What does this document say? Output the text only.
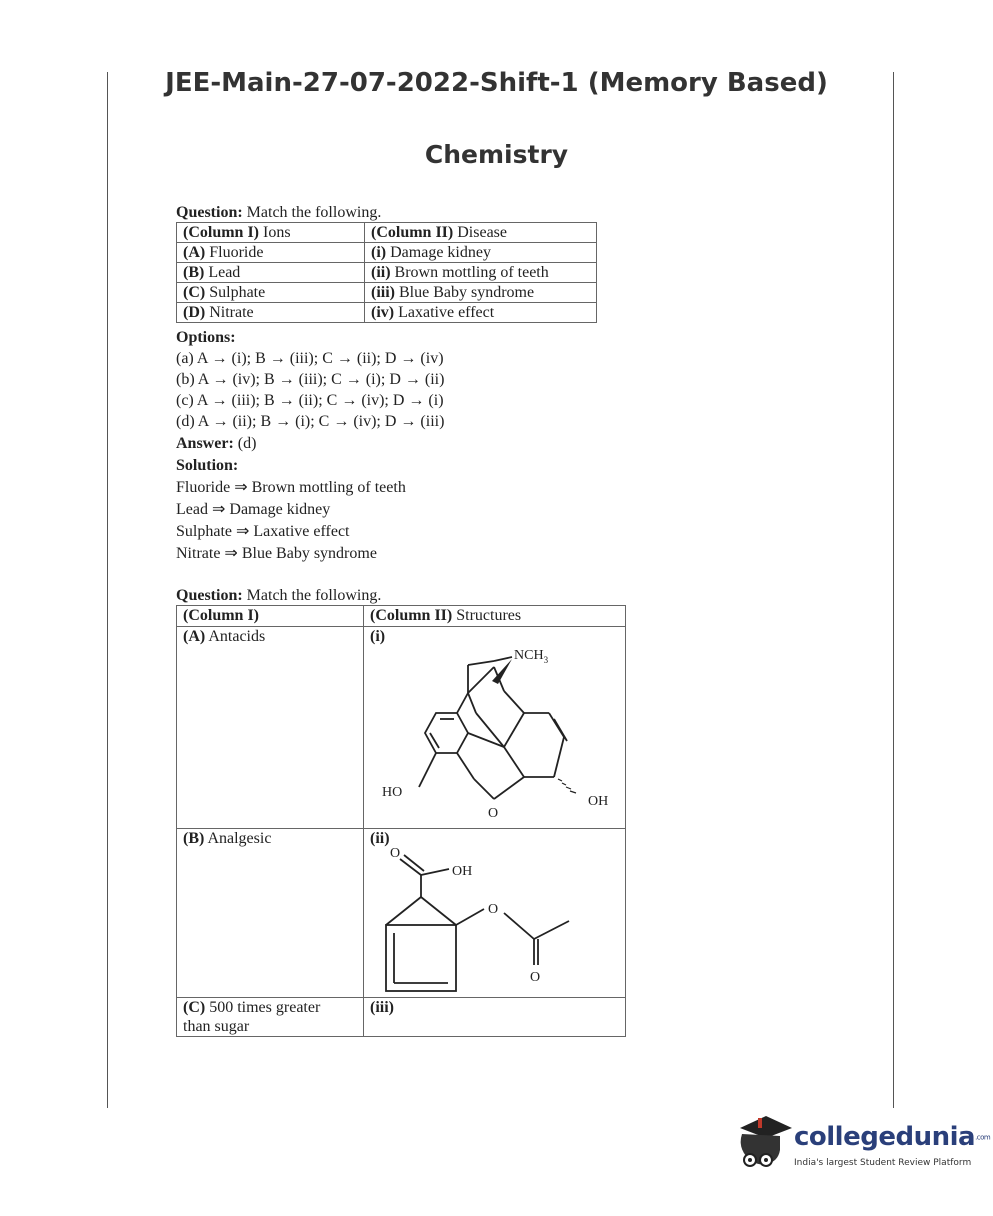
JEE-Main-27-07-2022-Shift-1 (Memory Based)
Chemistry
Question: Match the following.
(Column I) Ions	(Column II) Disease
(A) Fluoride	(i) Damage kidney
(B) Lead	(ii) Brown mottling of teeth
(C) Sulphate	(iii) Blue Baby syndrome
(D) Nitrate	(iv) Laxative effect
Options:
(a) A → (i); B → (iii); C → (ii); D → (iv)
(b) A → (iv); B → (iii); C → (i); D → (ii)
(c) A → (iii); B → (ii); C → (iv); D → (i)
(d) A → (ii); B → (i); C → (iv); D → (iii)
Answer: (d)
Solution:
Fluoride ⇒ Brown mottling of teeth
Lead ⇒ Damage kidney
Sulphate ⇒ Laxative effect
Nitrate ⇒ Blue Baby syndrome
Question: Match the following.
(Column I)	(Column II) Structures
(A) Antacids	(i)
$NCH_3$
HO
OH
O

(B) Analgesic	(ii)
O
OH
O
O

(C) 500 times greater
than sugar	(iii)
collegedunia.com
India's largest Student Review Platform
